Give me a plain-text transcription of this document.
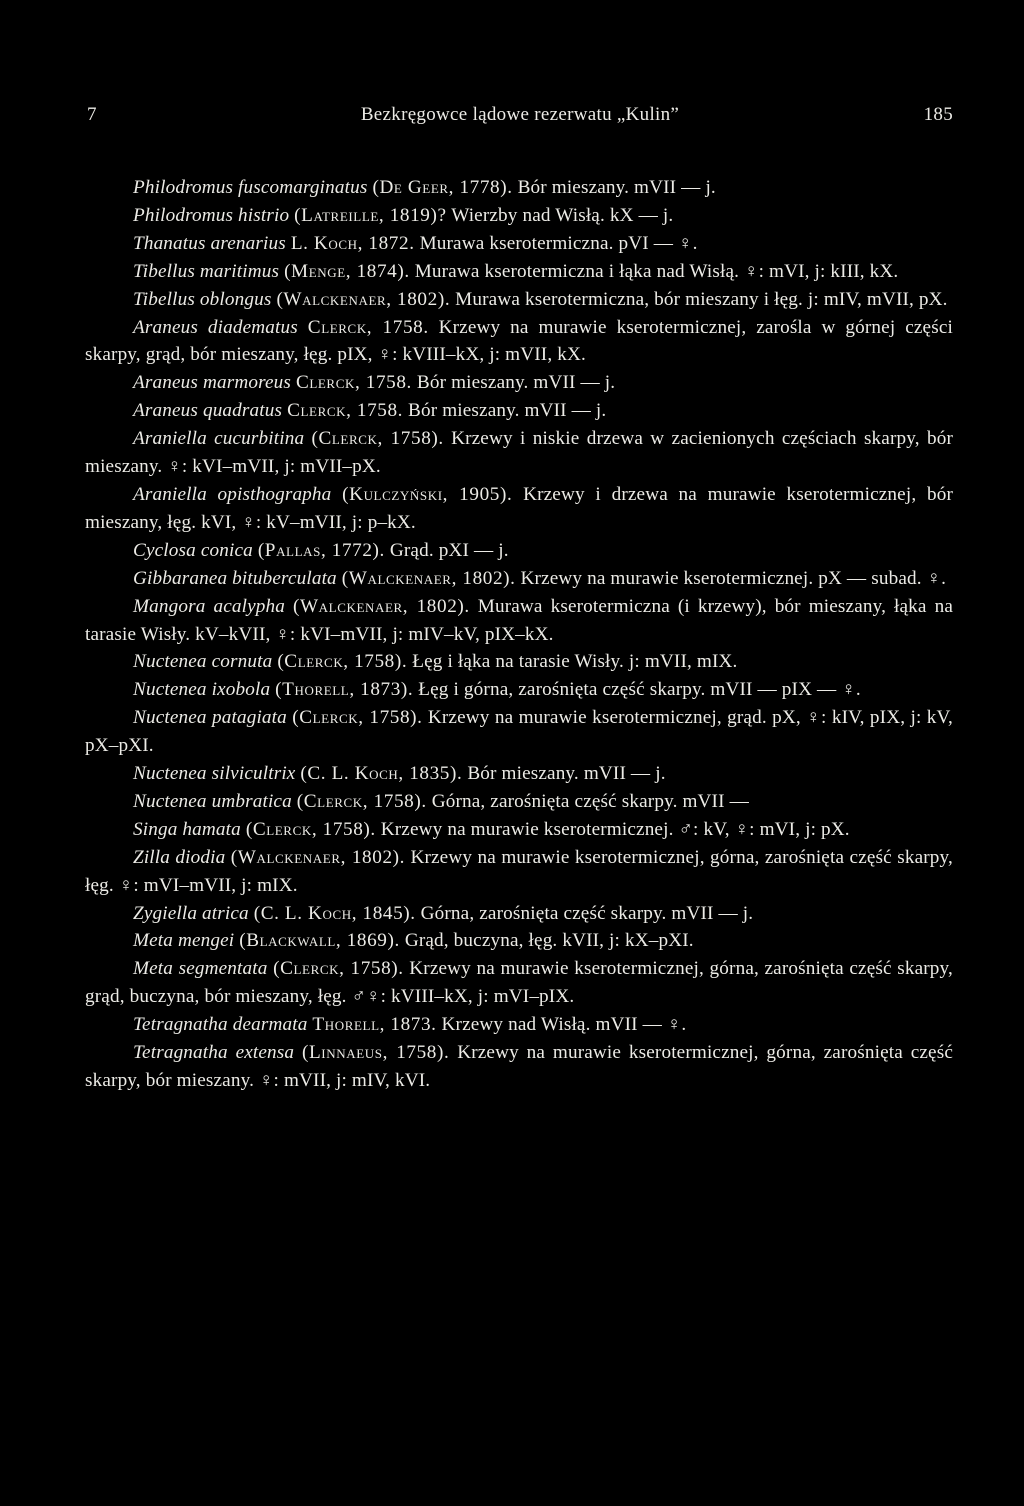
7	Bezkręgowce lądowe rezerwatu „Kulin”	185

Philodromus fuscomarginatus (De Geer, 1778). Bór mieszany. mVII — j.

Philodromus histrio (Latreille, 1819)? Wierzby nad Wisłą. kX — j.

Thanatus arenarius L. Koch, 1872. Murawa kserotermiczna. pVI — ♀.

Tibellus maritimus (Menge, 1874). Murawa kserotermiczna i łąka nad Wisłą. ♀: mVI, j: kIII, kX.

Tibellus oblongus (Walckenaer, 1802). Murawa kserotermiczna, bór mieszany i łęg. j: mIV, mVII, pX.

Araneus diadematus Clerck, 1758. Krzewy na murawie kserotermicznej, zarośla w górnej części skarpy, grąd, bór mieszany, łęg. pIX, ♀: kVIII–kX, j: mVII, kX.

Araneus marmoreus Clerck, 1758. Bór mieszany. mVII — j.

Araneus quadratus Clerck, 1758. Bór mieszany. mVII — j.

Araniella cucurbitina (Clerck, 1758). Krzewy i niskie drzewa w zacienionych częściach skarpy, bór mieszany. ♀: kVI–mVII, j: mVII–pX.

Araniella opisthographa (Kulczyński, 1905). Krzewy i drzewa na murawie kserotermicznej, bór mieszany, łęg. kVI, ♀: kV–mVII, j: p–kX.

Cyclosa conica (Pallas, 1772). Grąd. pXI — j.

Gibbaranea bituberculata (Walckenaer, 1802). Krzewy na murawie kserotermicznej. pX — subad. ♀.

Mangora acalypha (Walckenaer, 1802). Murawa kserotermiczna (i krzewy), bór mieszany, łąka na tarasie Wisły. kV–kVII, ♀: kVI–mVII, j: mIV–kV, pIX–kX.

Nuctenea cornuta (Clerck, 1758). Łęg i łąka na tarasie Wisły. j: mVII, mIX.

Nuctenea ixobola (Thorell, 1873). Łęg i górna, zarośnięta część skarpy. mVII — pIX — ♀.

Nuctenea patagiata (Clerck, 1758). Krzewy na murawie kserotermicznej, grąd. pX, ♀: kIV, pIX, j: kV, pX–pXI.

Nuctenea silvicultrix (C. L. Koch, 1835). Bór mieszany. mVII — j.

Nuctenea umbratica (Clerck, 1758). Górna, zarośnięta część skarpy. mVII —

Singa hamata (Clerck, 1758). Krzewy na murawie kserotermicznej. ♂: kV, ♀: mVI, j: pX.

Zilla diodia (Walckenaer, 1802). Krzewy na murawie kserotermicznej, górna, zarośnięta część skarpy, łęg. ♀: mVI–mVII, j: mIX.

Zygiella atrica (C. L. Koch, 1845). Górna, zarośnięta część skarpy. mVII — j.

Meta mengei (Blackwall, 1869). Grąd, buczyna, łęg. kVII, j: kX–pXI.

Meta segmentata (Clerck, 1758). Krzewy na murawie kserotermicznej, górna, zarośnięta część skarpy, grąd, buczyna, bór mieszany, łęg. ♂♀: kVIII–kX, j: mVI–pIX.

Tetragnatha dearmata Thorell, 1873. Krzewy nad Wisłą. mVII — ♀.

Tetragnatha extensa (Linnaeus, 1758). Krzewy na murawie kserotermicznej, górna, zarośnięta część skarpy, bór mieszany. ♀: mVII, j: mIV, kVI.
